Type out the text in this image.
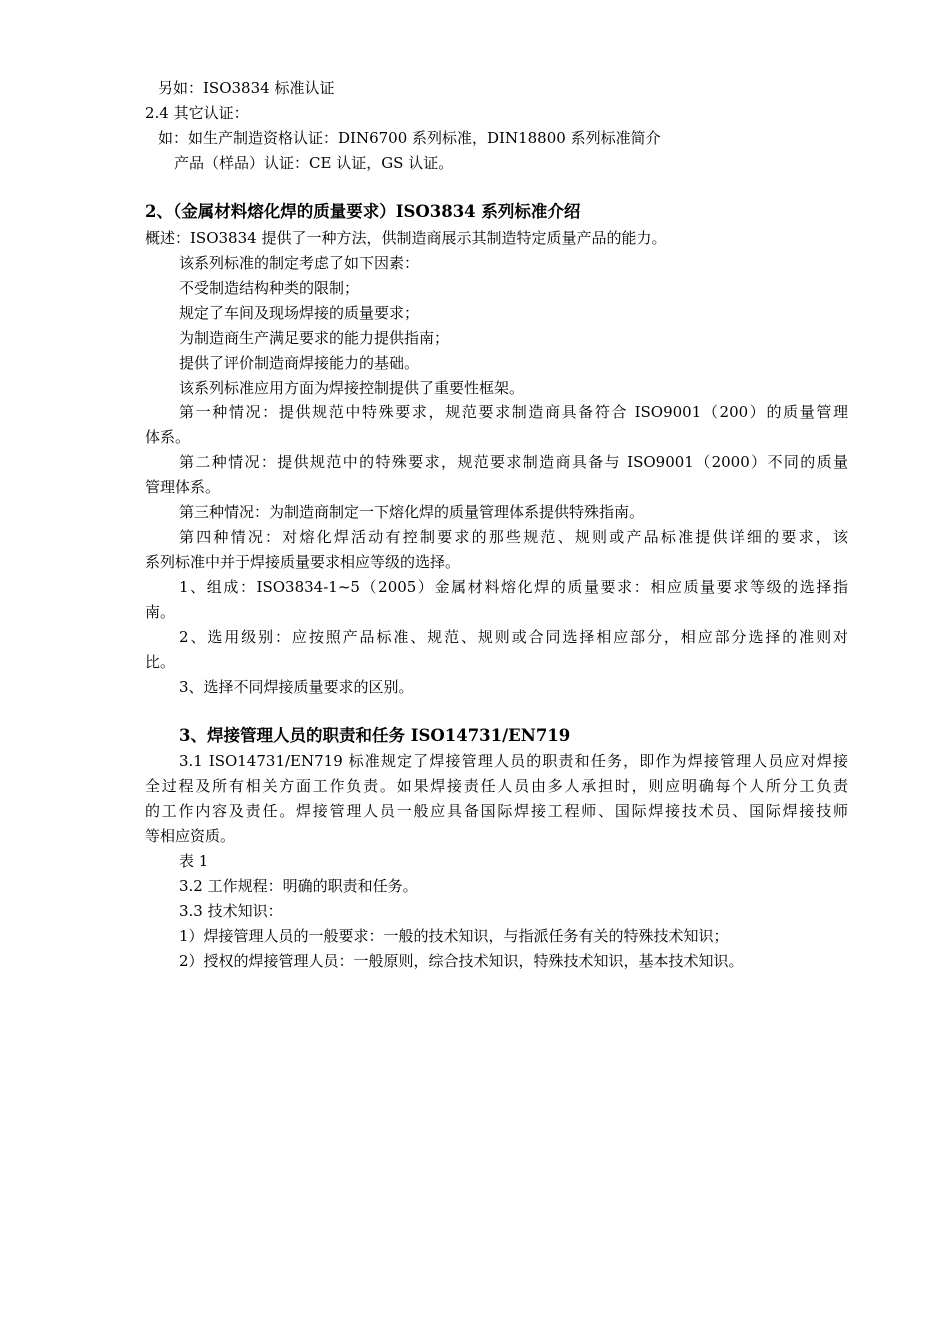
另如：ISO3834 标准认证
2.4 其它认证：
如：如生产制造资格认证：DIN6700 系列标准，DIN18800 系列标准简介
产品（样品）认证：CE 认证，GS 认证。
2、（金属材料熔化焊的质量要求）ISO3834 系列标准介绍
概述：ISO3834 提供了一种方法，供制造商展示其制造特定质量产品的能力。
该系列标准的制定考虑了如下因素：
不受制造结构种类的限制；
规定了车间及现场焊接的质量要求；
为制造商生产满足要求的能力提供指南；
提供了评价制造商焊接能力的基础。
该系列标准应用方面为焊接控制提供了重要性框架。
第一种情况：提供规范中特殊要求，规范要求制造商具备符合 ISO9001（200）的质量管理
体系。
第二种情况：提供规范中的特殊要求，规范要求制造商具备与 ISO9001（2000）不同的质量
管理体系。
第三种情况：为制造商制定一下熔化焊的质量管理体系提供特殊指南。
第四种情况：对熔化焊活动有控制要求的那些规范、规则或产品标准提供详细的要求，该
系列标准中并于焊接质量要求相应等级的选择。
1、组成：ISO3834-1~5（2005）金属材料熔化焊的质量要求：相应质量要求等级的选择指
南。
2、选用级别：应按照产品标准、规范、规则或合同选择相应部分，相应部分选择的准则对
比。
3、选择不同焊接质量要求的区别。
3、焊接管理人员的职责和任务 ISO14731/EN719
3.1 ISO14731/EN719 标准规定了焊接管理人员的职责和任务，即作为焊接管理人员应对焊接
全过程及所有相关方面工作负责。如果焊接责任人员由多人承担时，则应明确每个人所分工负责
的工作内容及责任。焊接管理人员一般应具备国际焊接工程师、国际焊接技术员、国际焊接技师
等相应资质。
表 1
3.2 工作规程：明确的职责和任务。
3.3 技术知识：
1）焊接管理人员的一般要求：一般的技术知识，与指派任务有关的特殊技术知识；
2）授权的焊接管理人员：一般原则，综合技术知识，特殊技术知识，基本技术知识。
